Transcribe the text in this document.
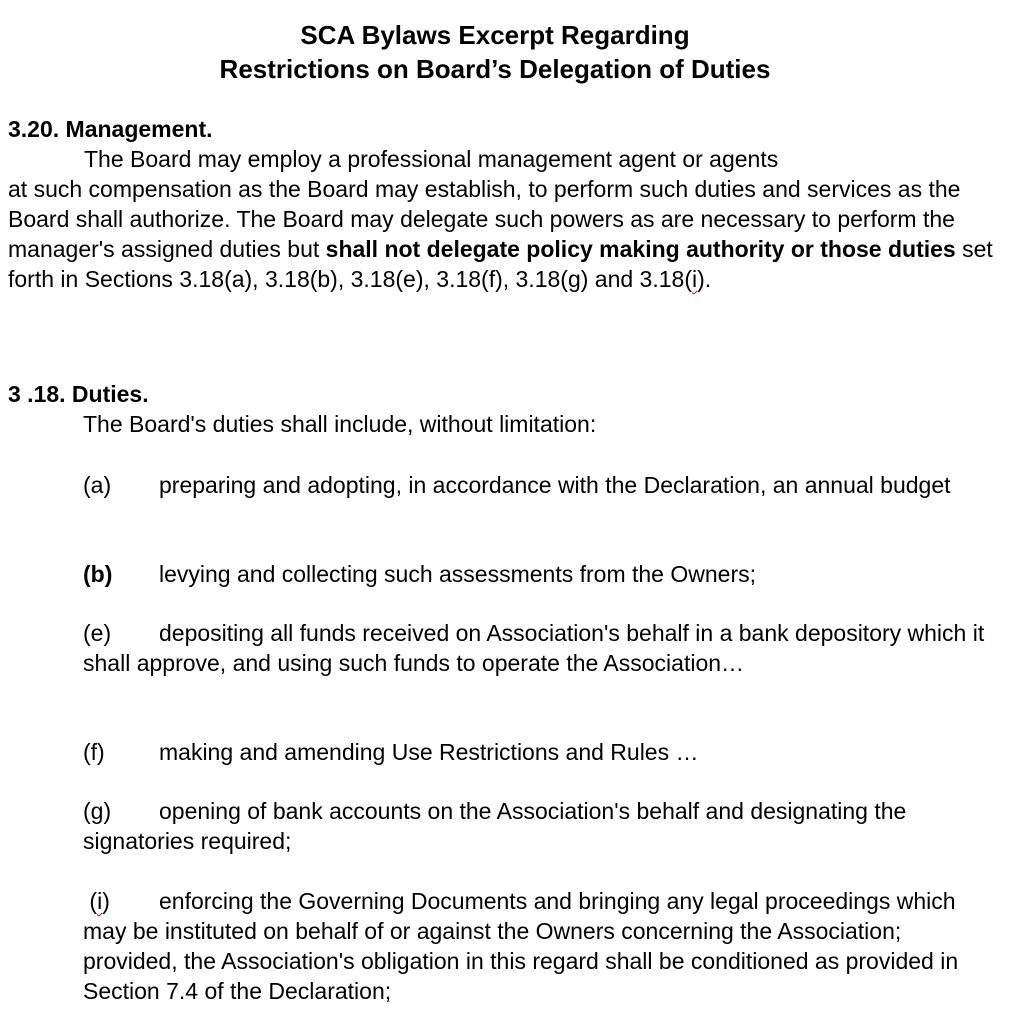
SCA Bylaws Excerpt Regarding
Restrictions on Board’s Delegation of Duties
3.20. Management.

The Board may employ a professional management agent or agents
at such compensation as the Board may establish, to perform such duties and services as the Board shall authorize. The Board may delegate such powers as are necessary to perform the manager's assigned duties but shall not delegate policy making authority or those duties set forth in Sections 3.18(a), 3.18(b), 3.18(e), 3.18(f), 3.18(g) and 3.18(i).

3 .18. Duties.
The Board's duties shall include, without limitation:

(a) preparing and adopting, in accordance with the Declaration, an annual budget

(b) levying and collecting such assessments from the Owners;

(e) depositing all funds received on Association's behalf in a bank depository which it shall approve, and using such funds to operate the Association…

(f) making and amending Use Restrictions and Rules …

(g) opening of bank accounts on the Association's behalf and designating the signatories required;

(i) enforcing the Governing Documents and bringing any legal proceedings which may be instituted on behalf of or against the Owners concerning the Association; provided, the Association's obligation in this regard shall be conditioned as provided in Section 7.4 of the Declaration;
